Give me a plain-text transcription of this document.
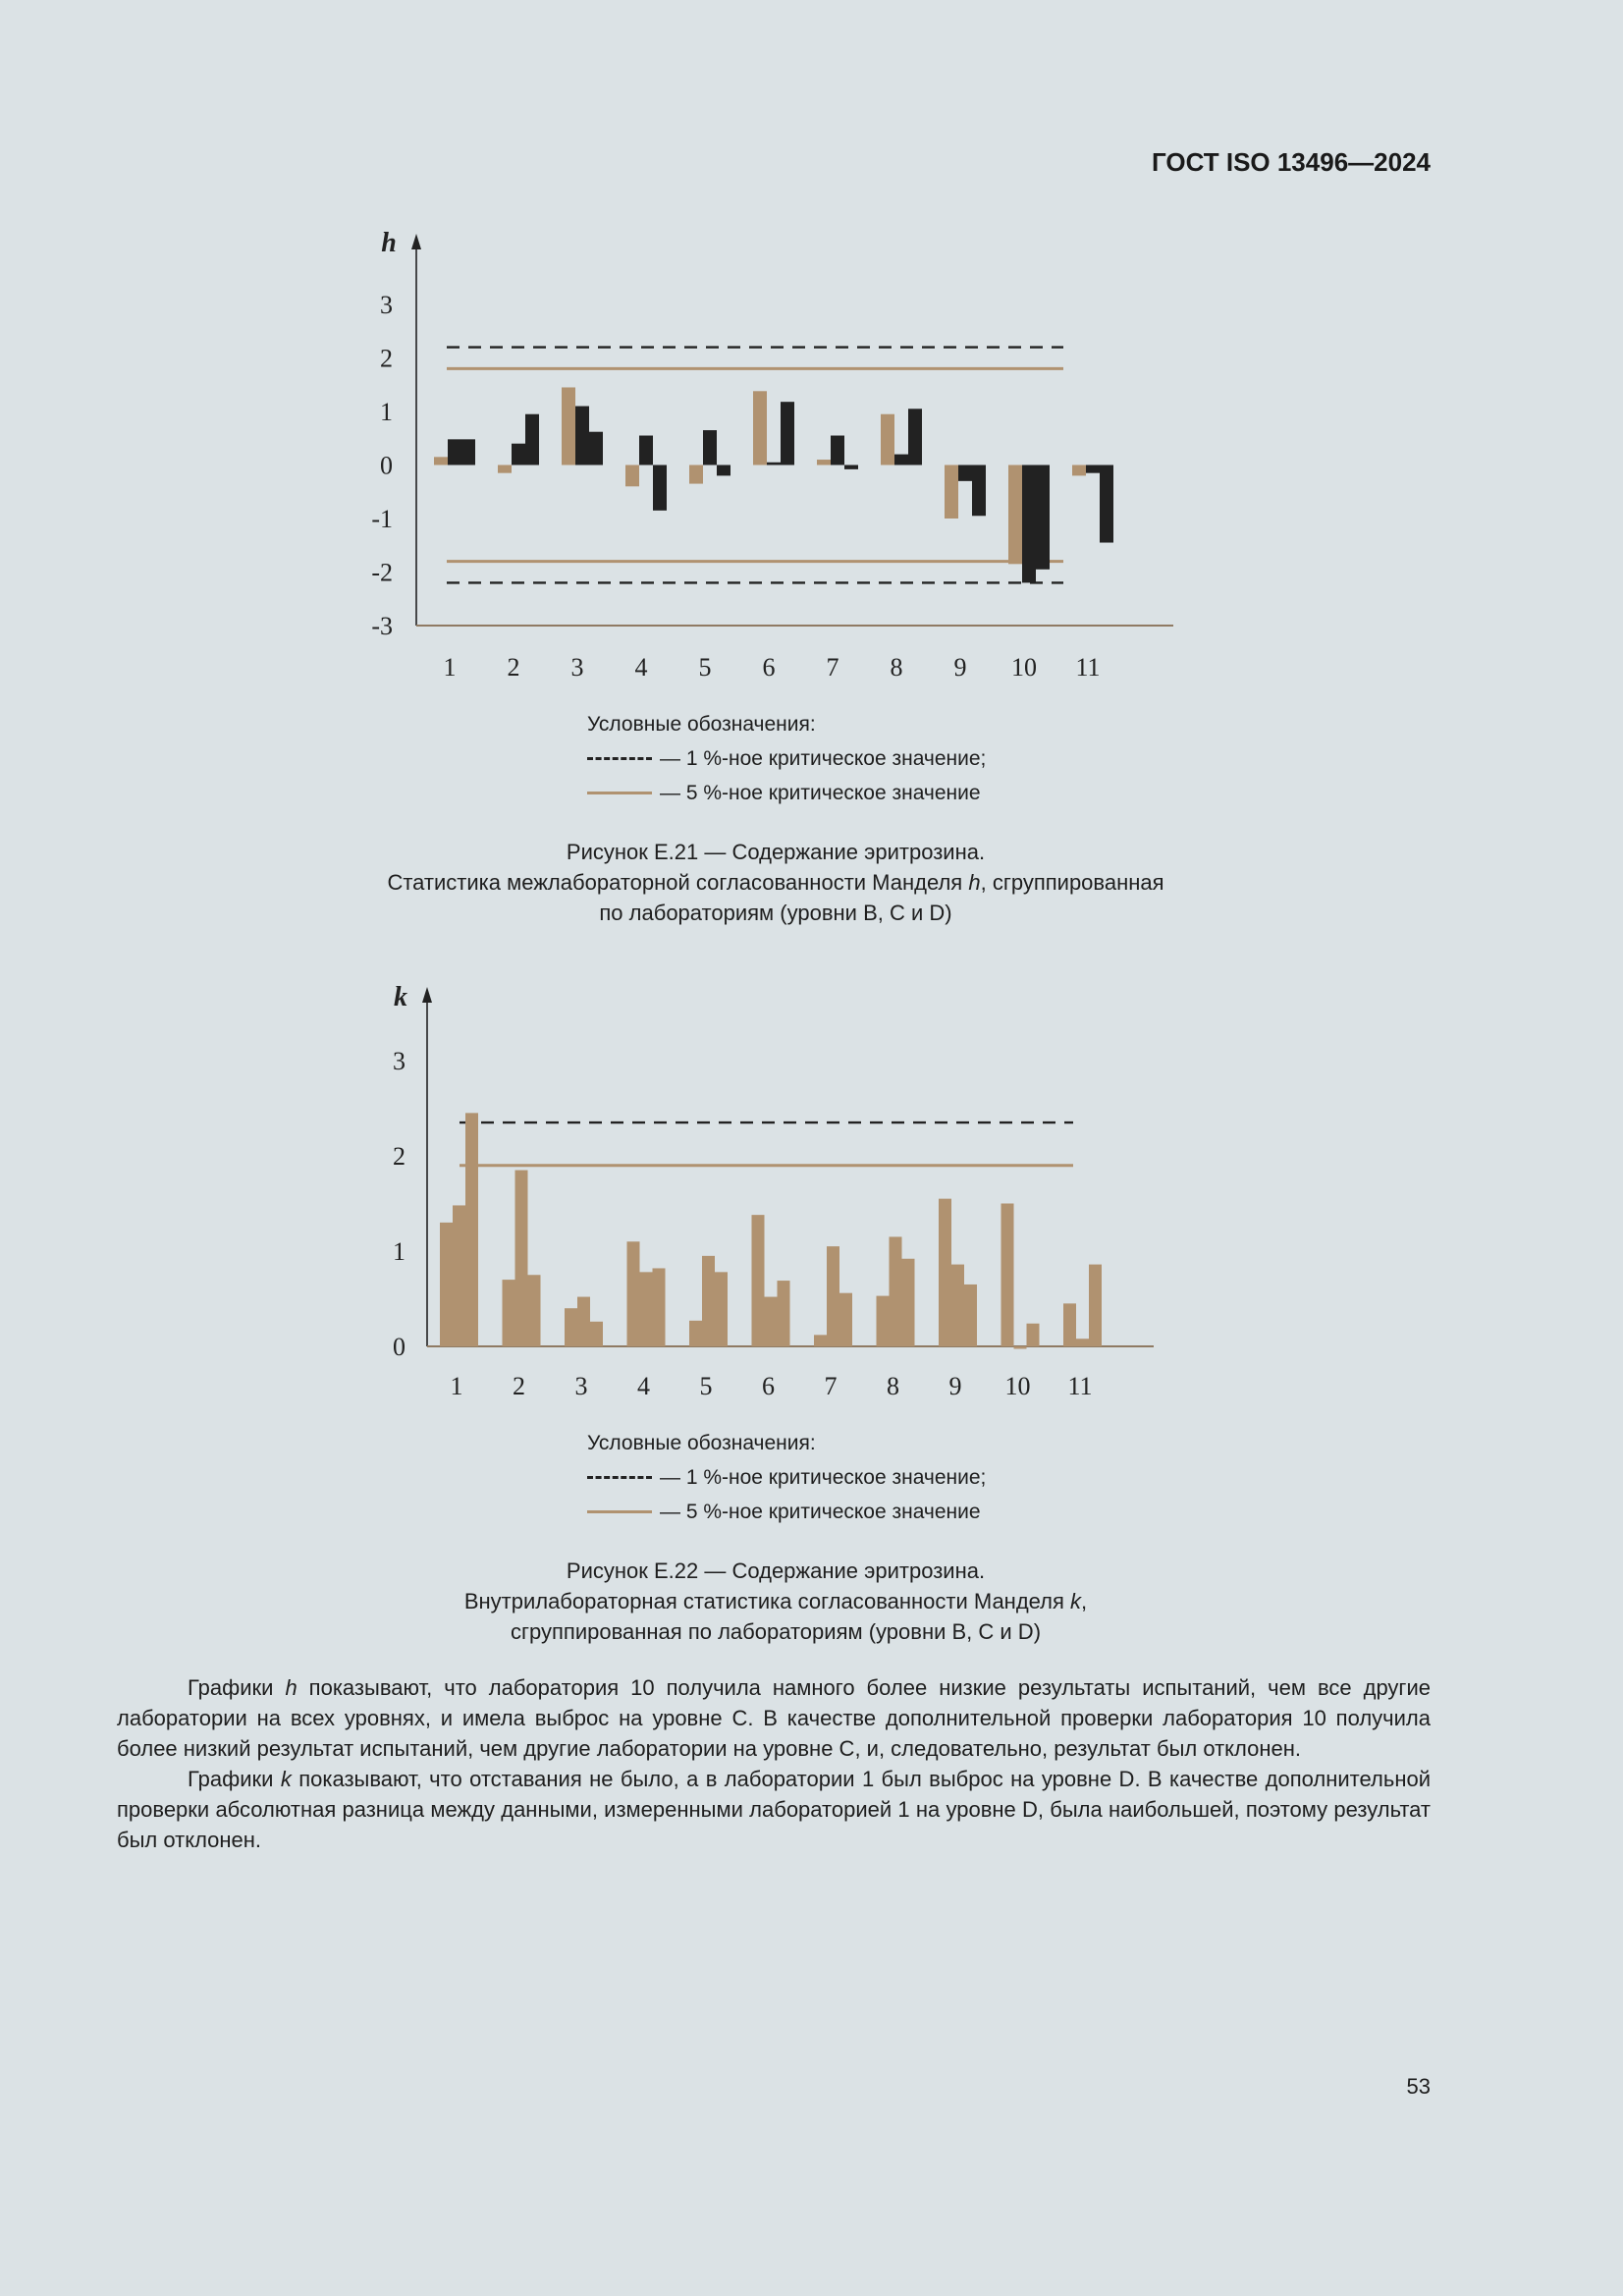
ГОСТ ISO 13496—2024
h
3
2
1
0
-1
-2
-3
1 2 3 4 5 6 7 8 9 10 11
Условные обозначения:
— 1 %-ное критическое значение;
— 5 %-ное критическое значение
Рисунок Е.21 — Содержание эритрозина.
Статистика межлабораторной согласованности Манделя h, сгруппированная
по лабораториям (уровни В, С и D)
k
3
2
1
0
1 2 3 4 5 6 7 8 9 10 11
Условные обозначения:
— 1 %-ное критическое значение;
— 5 %-ное критическое значение
Рисунок Е.22 — Содержание эритрозина.
Внутрилабораторная статистика согласованности Манделя k,
сгруппированная по лабораториям (уровни В, С и D)

Графики h показывают, что лаборатория 10 получила намного более низкие результаты испытаний, чем все другие лаборатории на всех уровнях, и имела выброс на уровне С. В качестве дополнительной проверки лаборатория 10 получила более низкий результат испытаний, чем другие лаборатории на уровне С, и, следовательно, результат был отклонен.

Графики k показывают, что отставания не было, а в лаборатории 1 был выброс на уровне D. В качестве дополнительной проверки абсолютная разница между данными, измеренными лабораторией 1 на уровне D, была наибольшей, поэтому результат был отклонен.

53
